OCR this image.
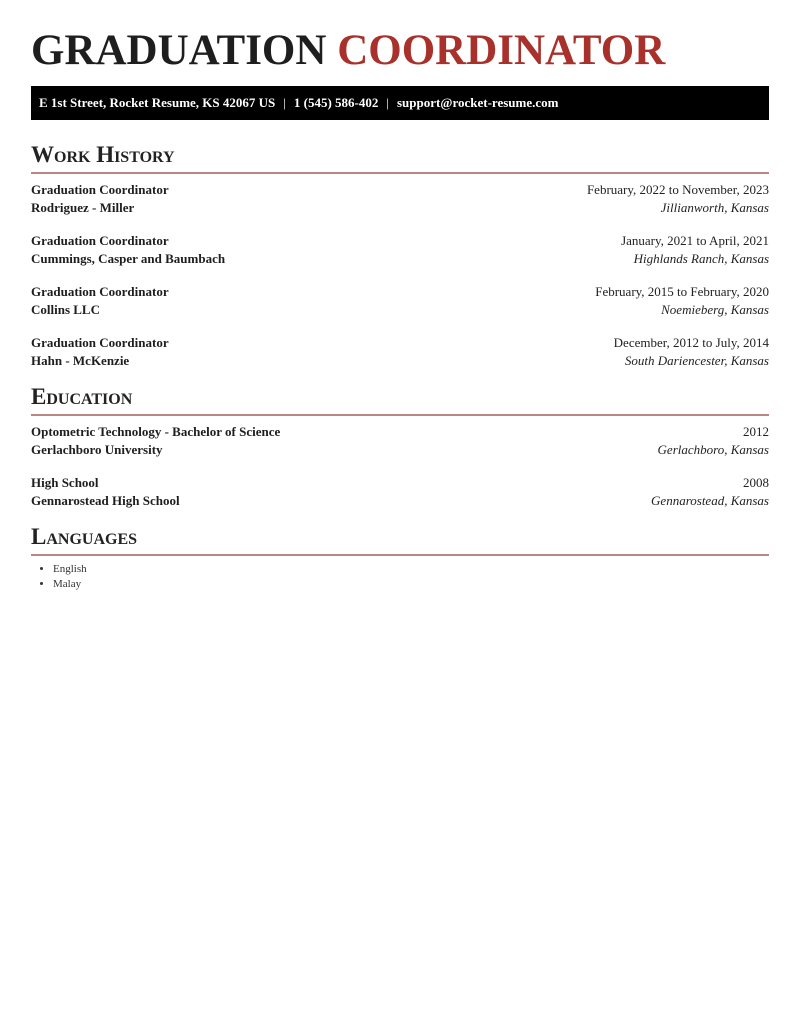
GRADUATION COORDINATOR
E 1st Street, Rocket Resume, KS 42067 US | 1 (545) 586-402 | support@rocket-resume.com
Work History
Graduation Coordinator	February, 2022 to November, 2023
Rodriguez - Miller	Jillianworth, Kansas
Graduation Coordinator	January, 2021 to April, 2021
Cummings, Casper and Baumbach	Highlands Ranch, Kansas
Graduation Coordinator	February, 2015 to February, 2020
Collins LLC	Noemieberg, Kansas
Graduation Coordinator	December, 2012 to July, 2014
Hahn - McKenzie	South Dariencester, Kansas
Education
Optometric Technology - Bachelor of Science	2012
Gerlachboro University	Gerlachboro, Kansas
High School	2008
Gennarostead High School	Gennarostead, Kansas
Languages
• English
• Malay
